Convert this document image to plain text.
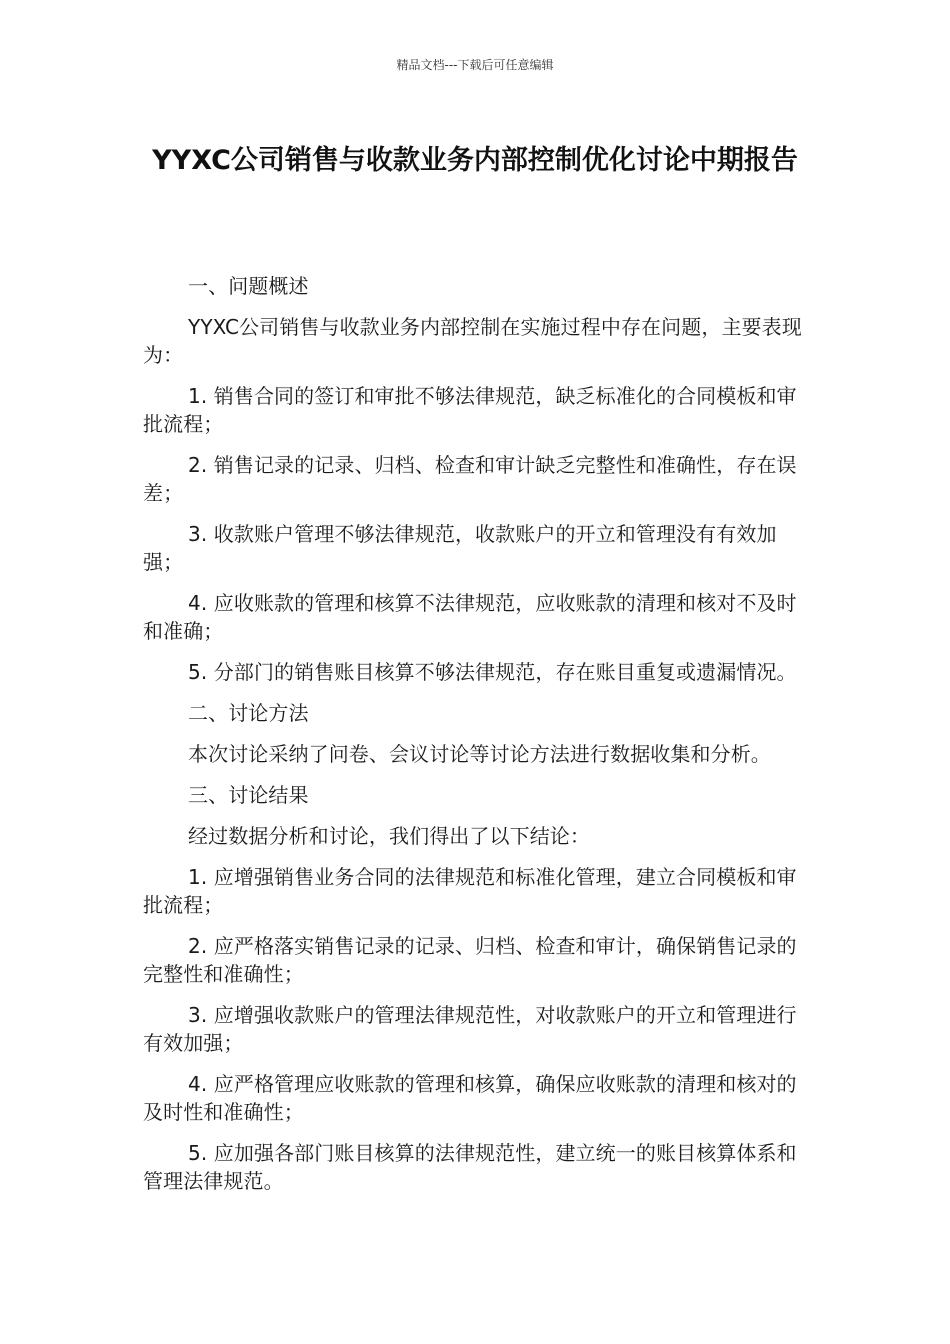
精品文档---下载后可任意编辑
YYXC公司销售与收款业务内部控制优化讨论中期报告

一、问题概述

YYXC公司销售与收款业务内部控制在实施过程中存在问题，主要表现为：

1. 销售合同的签订和审批不够法律规范，缺乏标准化的合同模板和审批流程；

2. 销售记录的记录、归档、检查和审计缺乏完整性和准确性，存在误差；

3. 收款账户管理不够法律规范，收款账户的开立和管理没有有效加强；

4. 应收账款的管理和核算不法律规范，应收账款的清理和核对不及时和准确；

5. 分部门的销售账目核算不够法律规范，存在账目重复或遗漏情况。

二、讨论方法

本次讨论采纳了问卷、会议讨论等讨论方法进行数据收集和分析。

三、讨论结果

经过数据分析和讨论，我们得出了以下结论：

1. 应增强销售业务合同的法律规范和标准化管理，建立合同模板和审批流程；

2. 应严格落实销售记录的记录、归档、检查和审计，确保销售记录的完整性和准确性；

3. 应增强收款账户的管理法律规范性，对收款账户的开立和管理进行有效加强；

4. 应严格管理应收账款的管理和核算，确保应收账款的清理和核对的及时性和准确性；

5. 应加强各部门账目核算的法律规范性，建立统一的账目核算体系和管理法律规范。
